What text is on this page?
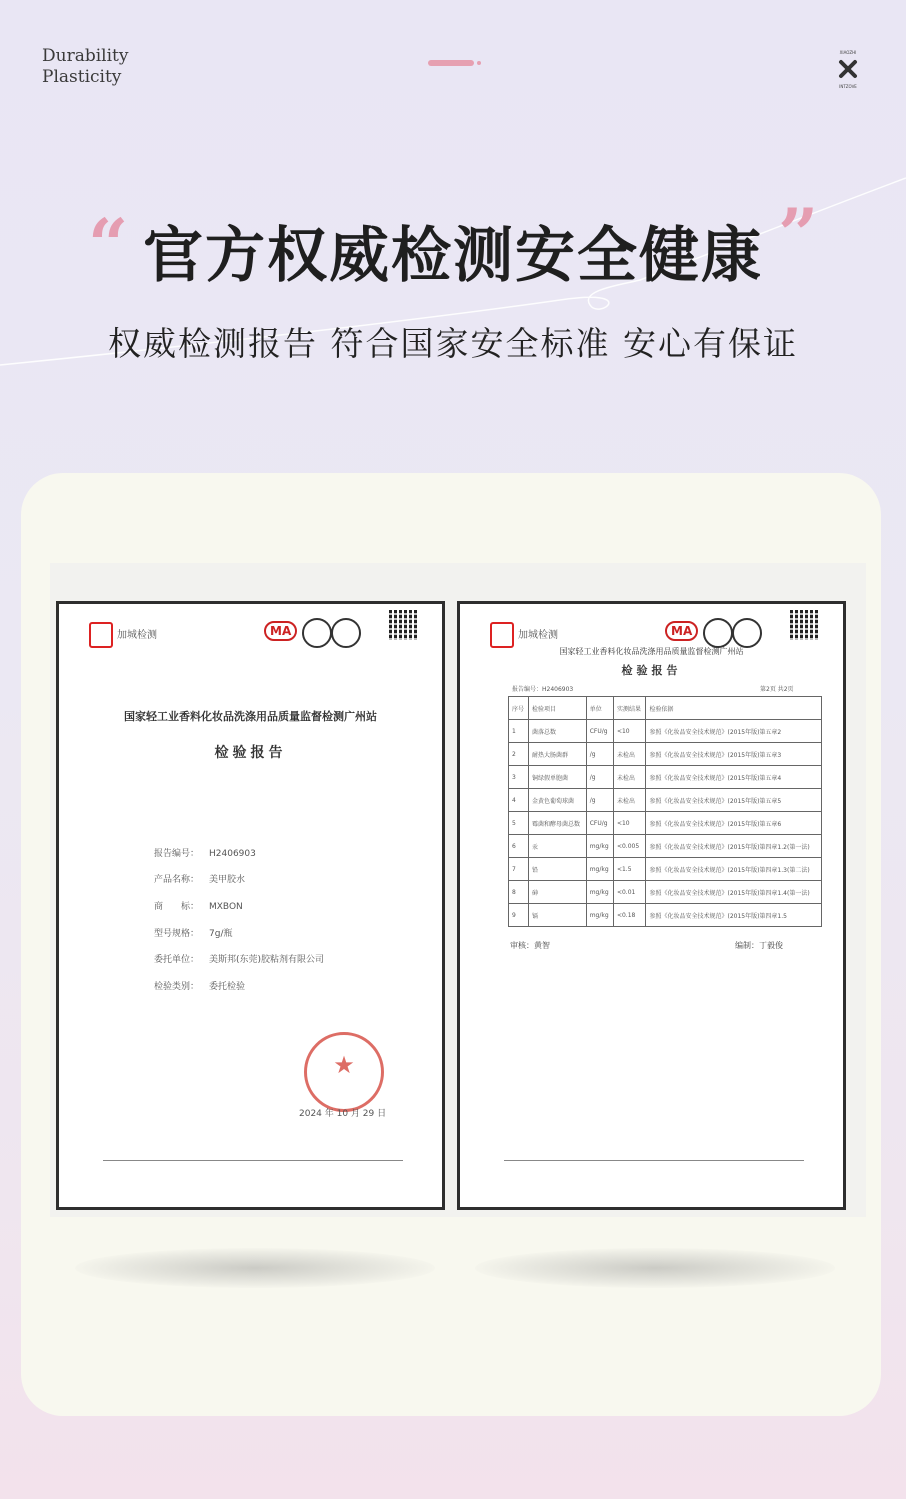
Durability
Plasticity
XIAOZHI
INTZOVE
“ 官方权威检测安全健康 ”
权威检测报告 符合国家安全标准 安心有保证
加城检测	MA
国家轻工业香料化妆品洗涤用品质量监督检测广州站
检验报告
报告编号： H2406903
产品名称： 美甲胶水
商　　标： MXBON
型号规格： 7g/瓶
委托单位： 美斯邦(东莞)胶粘剂有限公司
检验类别： 委托检验
★
2024 年 10 月 29 日
加城检测	MA
国家轻工业香料化妆品洗涤用品质量监督检测广州站
检验报告
报告编号：H2406903	第2页 共2页
序号	检验项目	单位	实测结果	检验依据
1	菌落总数	CFU/g	<10	参照《化妆品安全技术规范》(2015年版)第五章2
2	耐热大肠菌群	/g	未检出	参照《化妆品安全技术规范》(2015年版)第五章3
3	铜绿假单胞菌	/g	未检出	参照《化妆品安全技术规范》(2015年版)第五章4
4	金黄色葡萄球菌	/g	未检出	参照《化妆品安全技术规范》(2015年版)第五章5
5	霉菌和酵母菌总数	CFU/g	<10	参照《化妆品安全技术规范》(2015年版)第五章6
6	汞	mg/kg	<0.005	参照《化妆品安全技术规范》(2015年版)第四章1.2(第一法)
7	铅	mg/kg	<1.5	参照《化妆品安全技术规范》(2015年版)第四章1.3(第二法)
8	砷	mg/kg	<0.01	参照《化妆品安全技术规范》(2015年版)第四章1.4(第一法)
9	镉	mg/kg	<0.18	参照《化妆品安全技术规范》(2015年版)第四章1.5
审核：黄智	编制：丁毅俊
